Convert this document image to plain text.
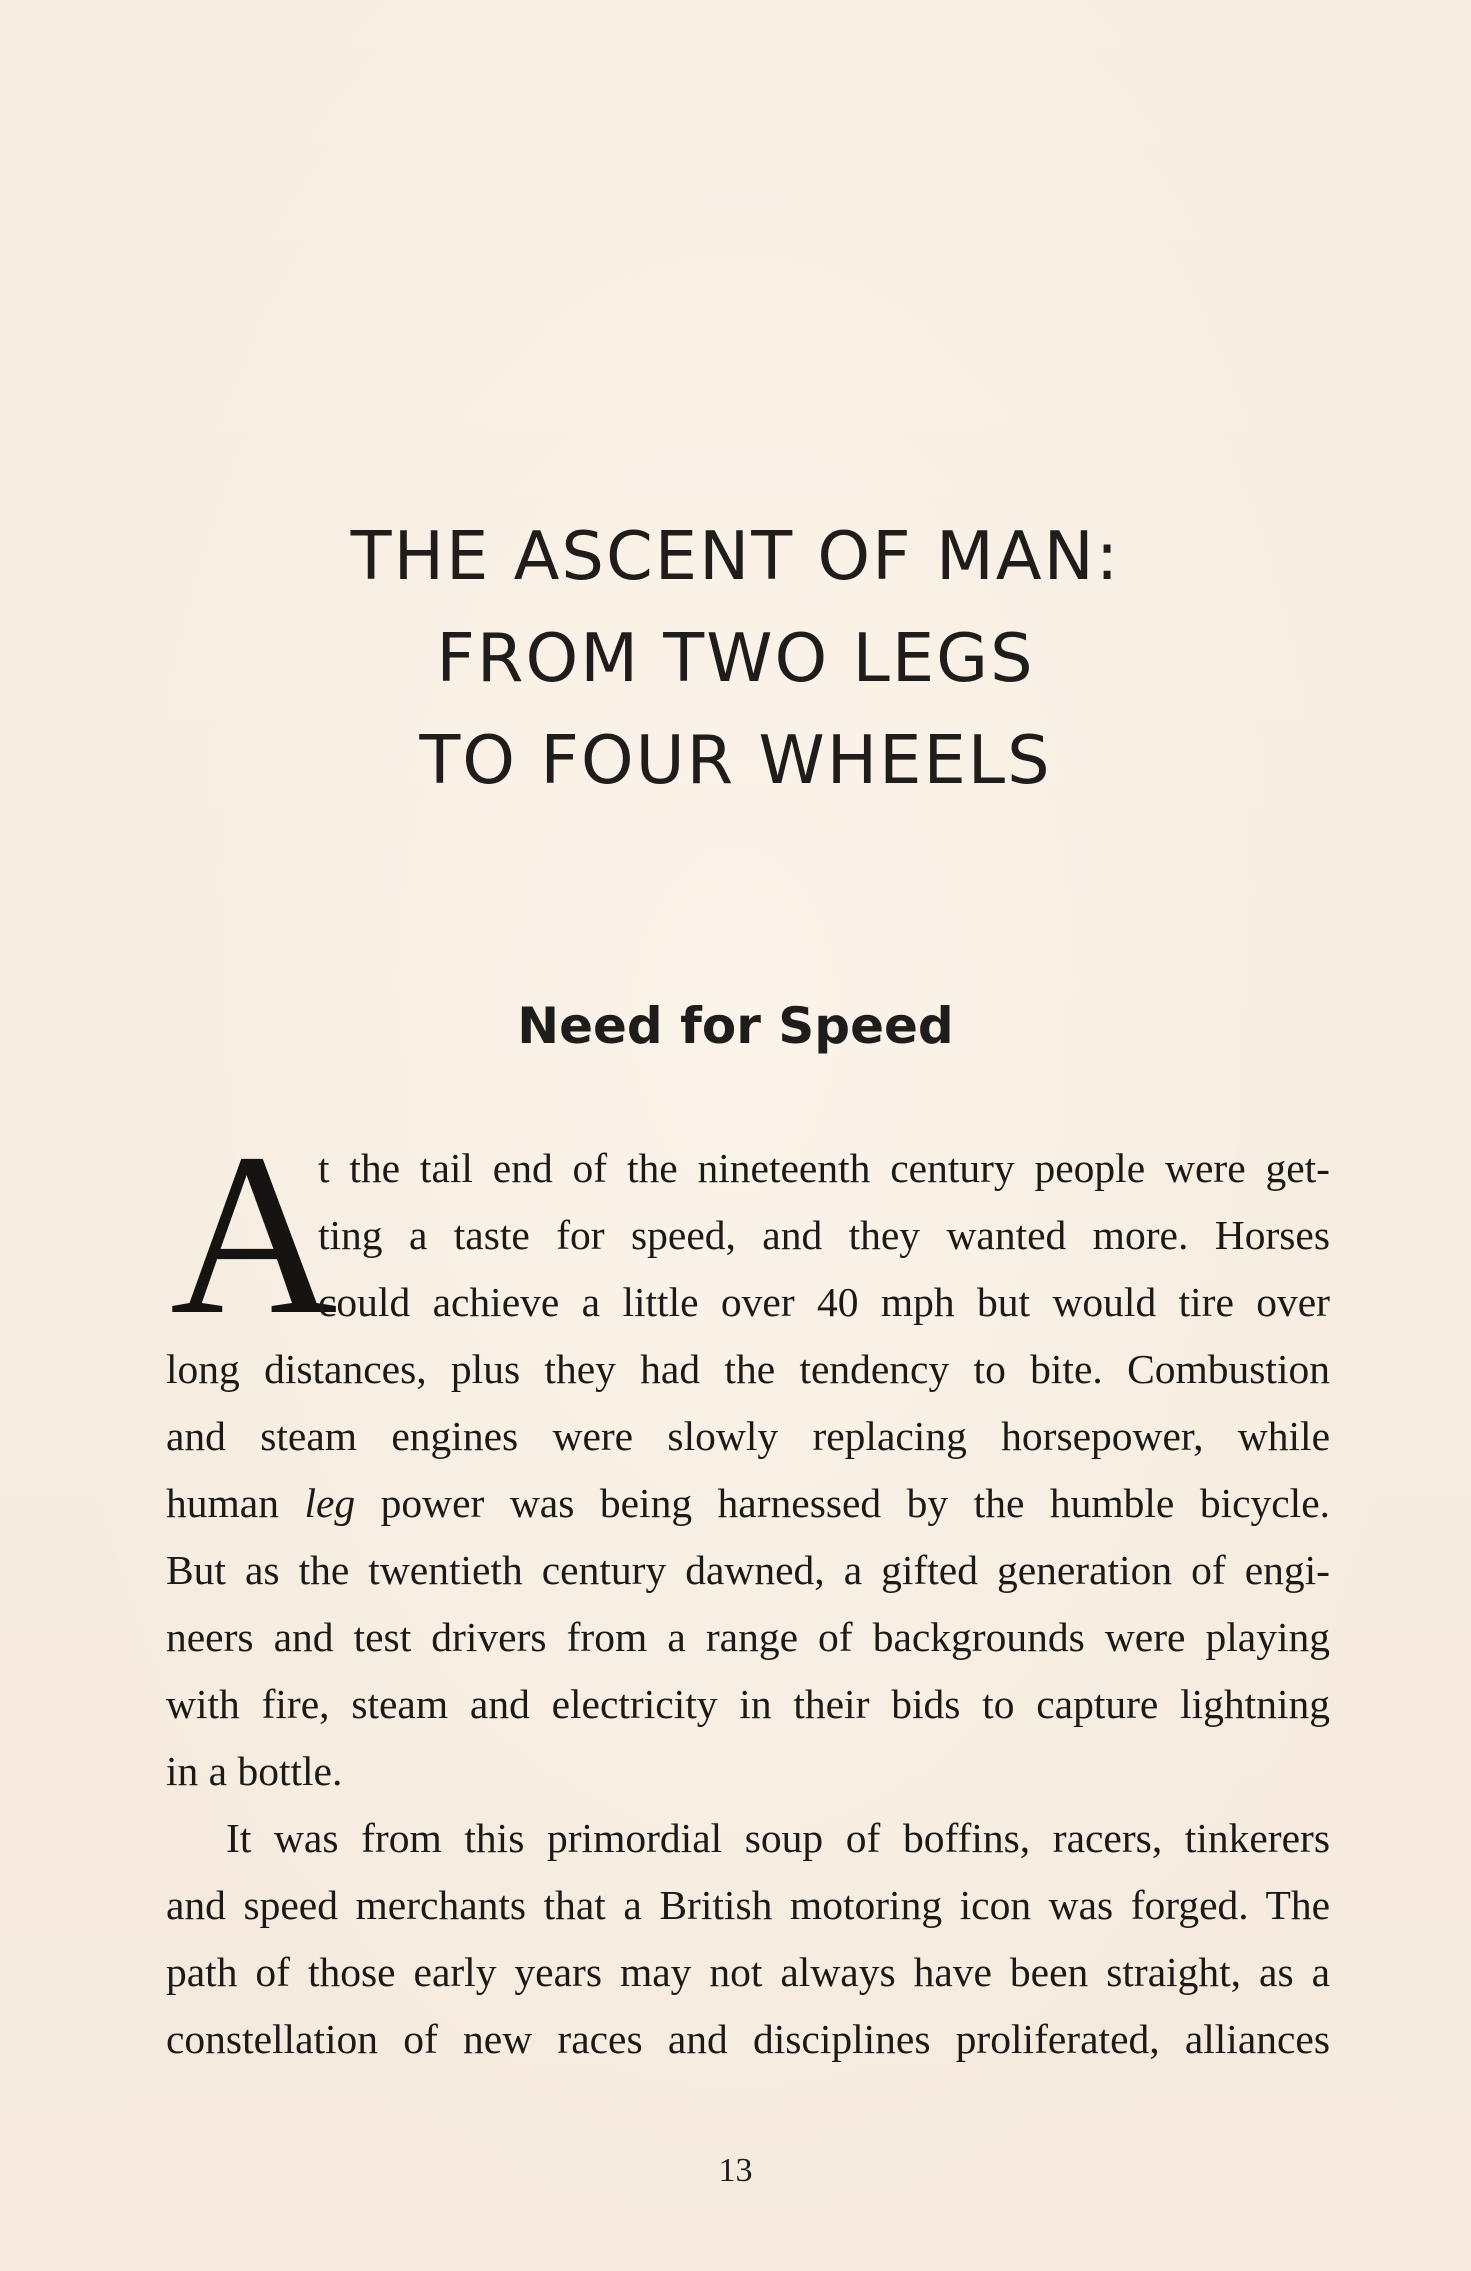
THE ASCENT OF MAN:
FROM TWO LEGS
TO FOUR WHEELS
Need for Speed
A
t the tail end of the nineteenth century people were get-
ting a taste for speed, and they wanted more. Horses
could achieve a little over 40 mph but would tire over
long distances, plus they had the tendency to bite. Combustion
and steam engines were slowly replacing horsepower, while
human leg power was being harnessed by the humble bicycle.
But as the twentieth century dawned, a gifted generation of engi-
neers and test drivers from a range of backgrounds were playing
with fire, steam and electricity in their bids to capture lightning
in a bottle.
It was from this primordial soup of boffins, racers, tinkerers
and speed merchants that a British motoring icon was forged. The
path of those early years may not always have been straight, as a
constellation of new races and disciplines proliferated, alliances
13
